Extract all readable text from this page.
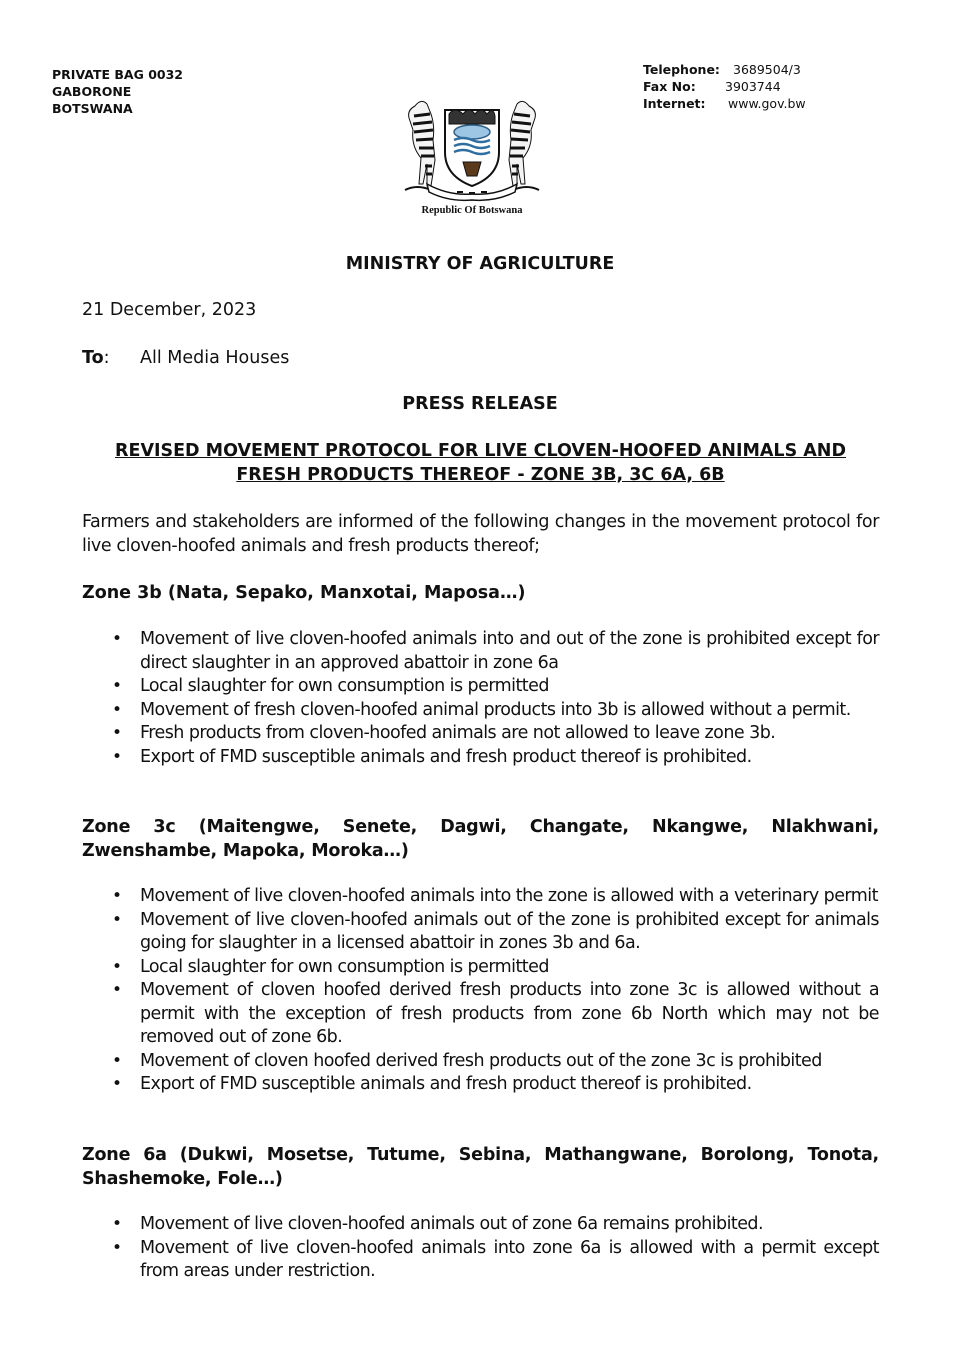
PRIVATE BAG 0032
GABORONE
BOTSWANA
Telephone:	3689504/3
Fax No:	3903744
Internet:	www.gov.bw
Republic Of Botswana
MINISTRY OF AGRICULTURE
21 December, 2023
To: All Media Houses
PRESS RELEASE
REVISED MOVEMENT PROTOCOL FOR LIVE CLOVEN-HOOFED ANIMALS AND FRESH PRODUCTS THEREOF - ZONE 3B, 3C 6A, 6B
Farmers and stakeholders are informed of the following changes in the movement protocol for live cloven-hoofed animals and fresh products thereof;
Zone 3b (Nata, Sepako, Manxotai, Maposa…)
• Movement of live cloven-hoofed animals into and out of the zone is prohibited except for direct slaughter in an approved abattoir in zone 6a
• Local slaughter for own consumption is permitted
• Movement of fresh cloven-hoofed animal products into 3b is allowed without a permit.
• Fresh products from cloven-hoofed animals are not allowed to leave zone 3b.
• Export of FMD susceptible animals and fresh product thereof is prohibited.
Zone 3c (Maitengwe, Senete, Dagwi, Changate, Nkangwe, Nlakhwani, Zwenshambe, Mapoka, Moroka…)
• Movement of live cloven-hoofed animals into the zone is allowed with a veterinary permit
• Movement of live cloven-hoofed animals out of the zone is prohibited except for animals going for slaughter in a licensed abattoir in zones 3b and 6a.
• Local slaughter for own consumption is permitted
• Movement of cloven hoofed derived fresh products into zone 3c is allowed without a permit with the exception of fresh products from zone 6b North which may not be removed out of zone 6b.
• Movement of cloven hoofed derived fresh products out of the zone 3c is prohibited
• Export of FMD susceptible animals and fresh product thereof is prohibited.
Zone 6a (Dukwi, Mosetse, Tutume, Sebina, Mathangwane, Borolong, Tonota, Shashemoke, Fole…)
• Movement of live cloven-hoofed animals out of zone 6a remains prohibited.
• Movement of live cloven-hoofed animals into zone 6a is allowed with a permit except from areas under restriction.
